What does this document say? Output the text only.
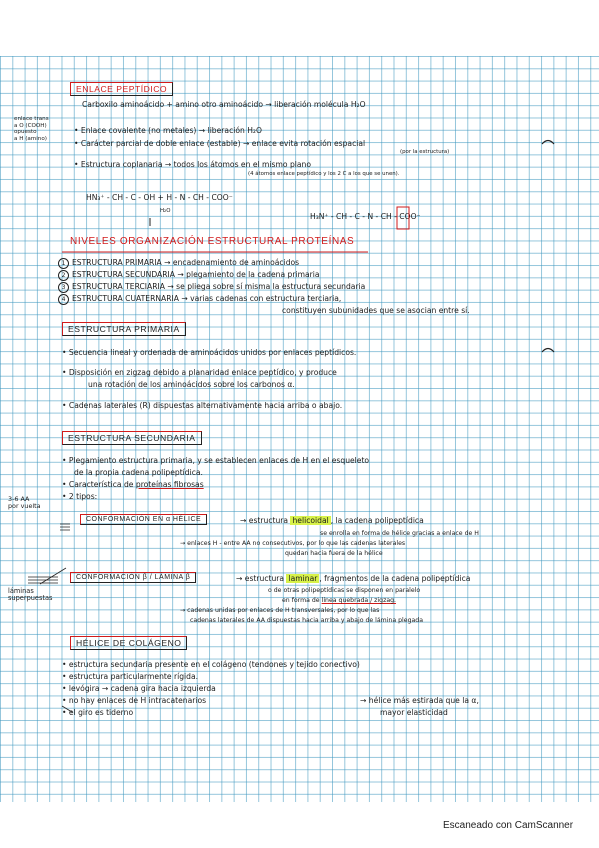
ENLACE PEPTÍDICO
Carboxilo aminoácido + amino otro aminoácido → liberación molécula H₂O
enlace trans
a O (COOH)
opuesto
a H (amino)
• Enlace covalente (no metales) → liberación H₂O
• Carácter parcial de doble enlace (estable) → enlace evita rotación espacial
(por la estructura)
• Estructura coplanaria → todos los átomos en el mismo plano
(4 átomos enlace peptídico y los 2 C a los que se unen).
HN₃⁺ - CH - C - OH + H - N - CH - COO⁻
H₂O
H₃N⁺ - CH - C - N - CH - COO⁻
NIVELES ORGANIZACIÓN ESTRUCTURAL PROTEÍNAS
1 ESTRUCTURA PRIMARIA → encadenamiento de aminoácidos
2 ESTRUCTURA SECUNDARIA → plegamiento de la cadena primaria
3 ESTRUCTURA TERCIARIA → se pliega sobre sí misma la estructura secundaria
4 ESTRUCTURA CUATERNARIA → varias cadenas con estructura terciaria,
constituyen subunidades que se asocian entre sí.
ESTRUCTURA PRIMARIA
• Secuencia lineal y ordenada de aminoácidos unidos por enlaces peptídicos.
• Disposición en zigzag debido a planaridad enlace peptídico, y produce
una rotación de los aminoácidos sobre los carbonos α.
• Cadenas laterales (R) dispuestas alternativamente hacia arriba o abajo.
ESTRUCTURA SECUNDARIA
• Plegamiento estructura primaria, y se establecen enlaces de H en el esqueleto
de la propia cadena polipeptídica.
• Característica de proteínas fibrosas
• 2 tipos:
3-6 AA
por vuelta
CONFORMACIÓN EN α HÉLICE	→ estructura helicoidal , la cadena polipeptídica
se enrolla en forma de hélice gracias a enlace de H
→ enlaces H - entre AA no consecutivos, por lo que las cadenas laterales
quedan hacia fuera de la hélice
CONFORMACIÓN β / LÁMINA β	→ estructura laminar , fragmentos de la cadena polipeptídica
o de otras polipeptídicas se disponen en paralelo
en forma de línea quebrada / zigzag.
láminas
superpuestas
→ cadenas unidas por enlaces de H transversales, por lo que las
cadenas laterales de AA dispuestas hacia arriba y abajo de lámina plegada
HÉLICE DE COLÁGENO
• estructura secundaria presente en el colágeno (tendones y tejido conectivo)
• estructura particularmente rígida.
• levógira → cadena gira hacia izquierda
• no hay enlaces de H intracatenarios	→ hélice más estirada que la α,
mayor elasticidad
• el giro es tiderno
Escaneado con CamScanner
